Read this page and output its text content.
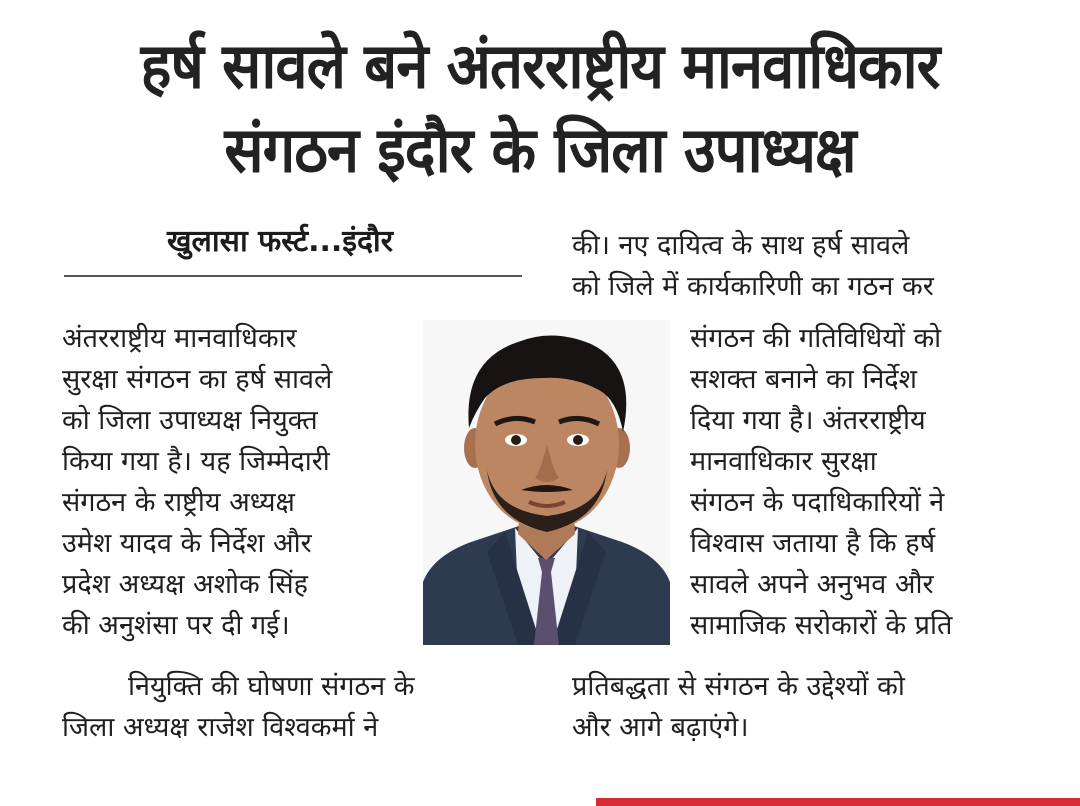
हर्ष सावले बने अंतरराष्ट्रीय मानवाधिकार
संगठन इंदौर के जिला उपाध्यक्ष
खुलासा फर्स्ट...इंदौर
अंतरराष्ट्रीय मानवाधिकार
सुरक्षा संगठन का हर्ष सावले
को जिला उपाध्यक्ष नियुक्त
किया गया है। यह जिम्मेदारी
संगठन के राष्ट्रीय अध्यक्ष
उमेश यादव के निर्देश और
प्रदेश अध्यक्ष अशोक सिंह
की अनुशंसा पर दी गई।
नियुक्ति की घोषणा संगठन के
जिला अध्यक्ष राजेश विश्वकर्मा ने
की। नए दायित्व के साथ हर्ष सावले
को जिले में कार्यकारिणी का गठन कर
संगठन की गतिविधियों को
सशक्त बनाने का निर्देश
दिया गया है। अंतरराष्ट्रीय
मानवाधिकार सुरक्षा
संगठन के पदाधिकारियों ने
विश्वास जताया है कि हर्ष
सावले अपने अनुभव और
सामाजिक सरोकारों के प्रति
प्रतिबद्धता से संगठन के उद्देश्यों को
और आगे बढ़ाएंगे।
